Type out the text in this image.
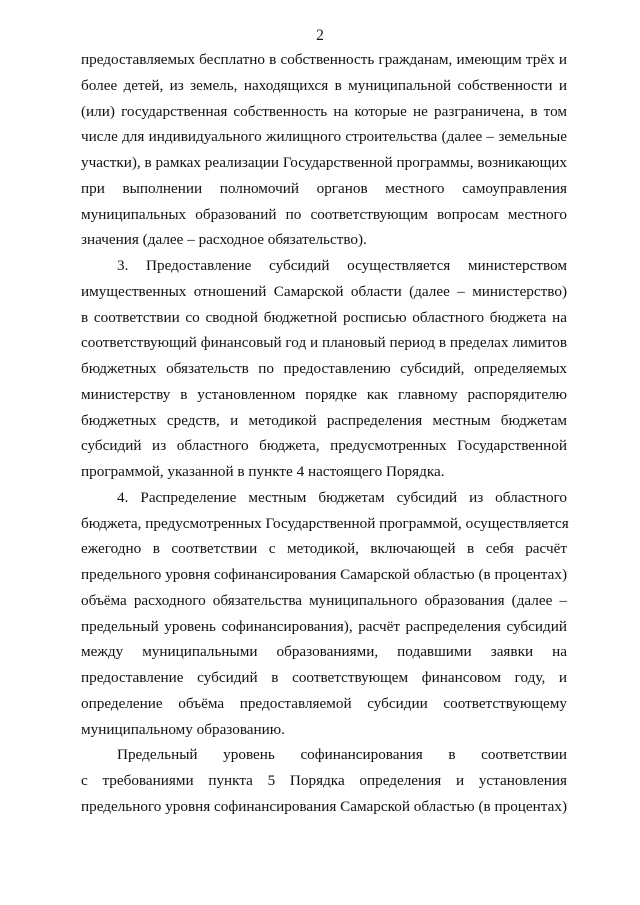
2
предоставляемых бесплатно в собственность гражданам, имеющим трёх и
более детей, из земель, находящихся в муниципальной собственности и
(или) государственная собственность на которые не разграничена, в том
числе для индивидуального жилищного строительства (далее – земельные
участки), в рамках реализации Государственной программы, возникающих
при выполнении полномочий органов местного самоуправления
муниципальных образований по соответствующим вопросам местного
значения (далее – расходное обязательство).
3. Предоставление субсидий осуществляется министерством
имущественных отношений Самарской области (далее – министерство)
в соответствии со сводной бюджетной росписью областного бюджета на
соответствующий финансовый год и плановый период в пределах лимитов
бюджетных обязательств по предоставлению субсидий, определяемых
министерству в установленном порядке как главному распорядителю
бюджетных средств, и методикой распределения местным бюджетам
субсидий из областного бюджета, предусмотренных Государственной
программой, указанной в пункте 4 настоящего Порядка.
4. Распределение местным бюджетам субсидий из областного
бюджета, предусмотренных Государственной программой, осуществляется
ежегодно в соответствии с методикой, включающей в себя расчёт
предельного уровня софинансирования Самарской областью (в процентах)
объёма расходного обязательства муниципального образования (далее –
предельный уровень софинансирования), расчёт распределения субсидий
между муниципальными образованиями, подавшими заявки на
предоставление субсидий в соответствующем финансовом году, и
определение объёма предоставляемой субсидии соответствующему
муниципальному образованию.
Предельный уровень софинансирования в соответствии
с требованиями пункта 5 Порядка определения и установления
предельного уровня софинансирования Самарской областью (в процентах)
